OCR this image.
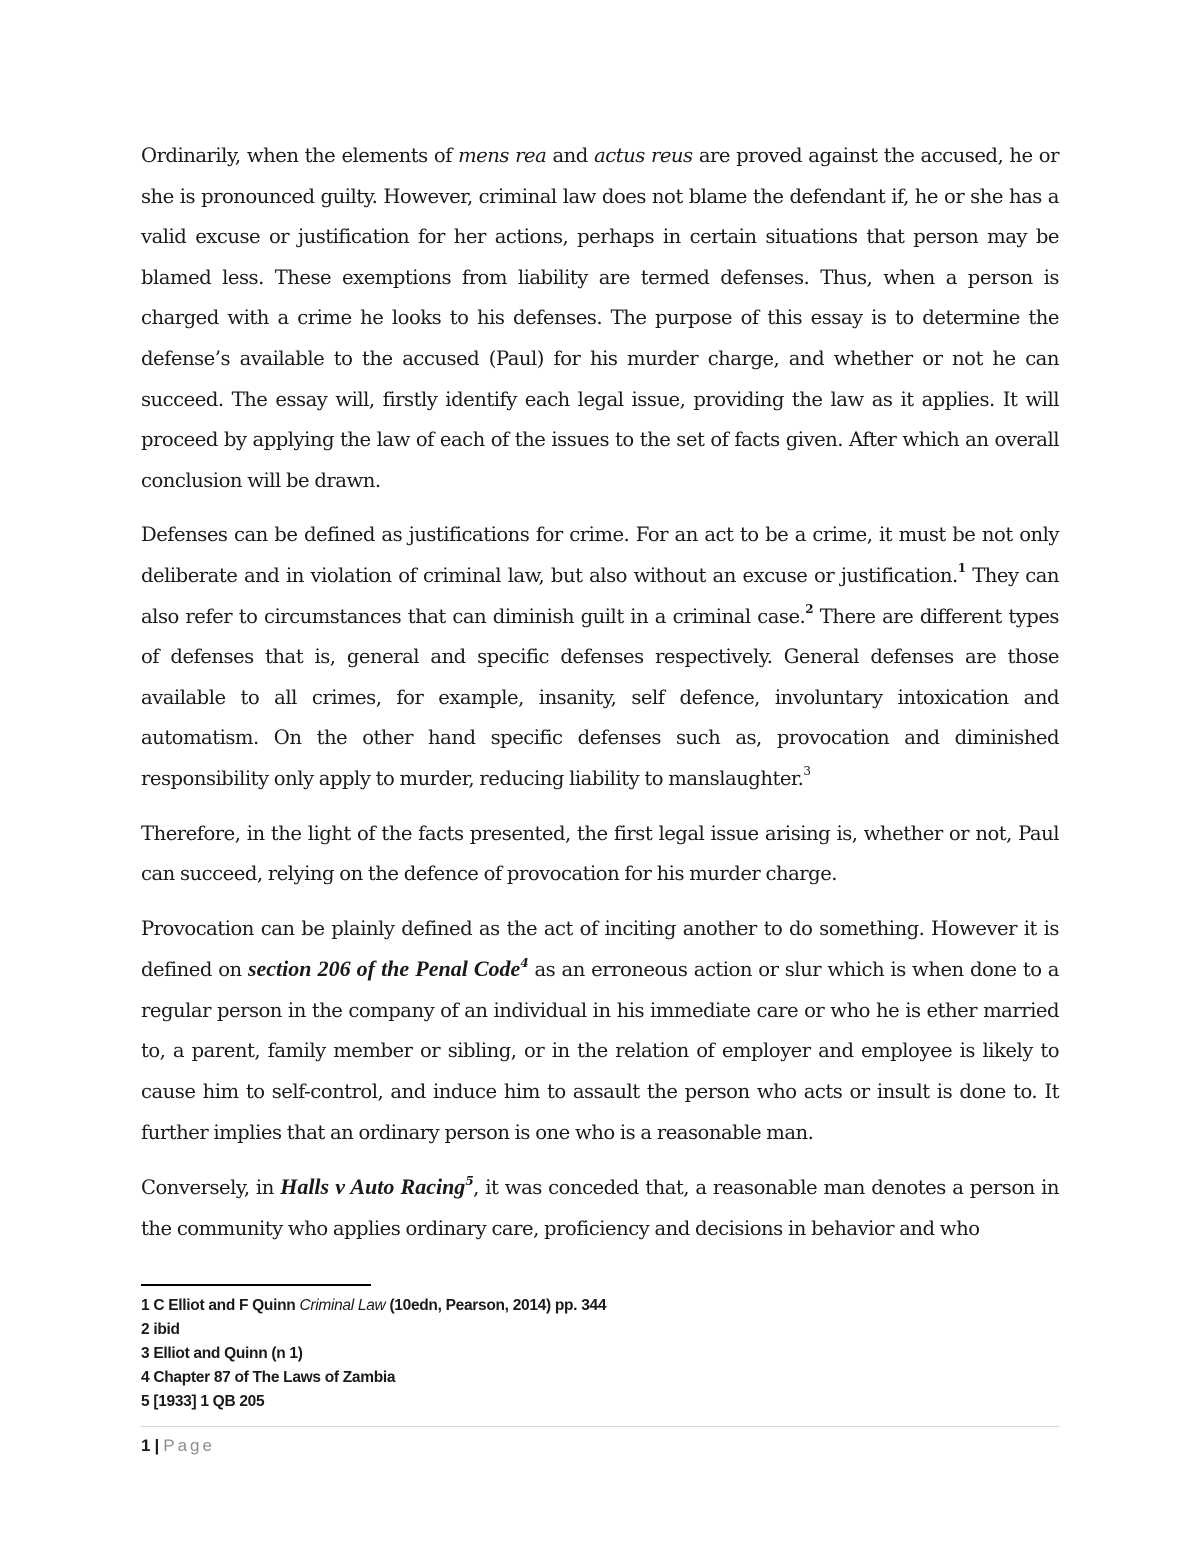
Ordinarily, when the elements of mens rea and actus reus are proved against the accused, he or she is pronounced guilty. However, criminal law does not blame the defendant if, he or she has a valid excuse or justification for her actions, perhaps in certain situations that person may be blamed less. These exemptions from liability are termed defenses. Thus, when a person is charged with a crime he looks to his defenses. The purpose of this essay is to determine the defense’s available to the accused (Paul) for his murder charge, and whether or not he can succeed. The essay will, firstly identify each legal issue, providing the law as it applies. It will proceed by applying the law of each of the issues to the set of facts given. After which an overall conclusion will be drawn.

Defenses can be defined as justifications for crime. For an act to be a crime, it must be not only deliberate and in violation of criminal law, but also without an excuse or justification.$^1$ They can also refer to circumstances that can diminish guilt in a criminal case.$^2$ There are different types of defenses that is, general and specific defenses respectively. General defenses are those available to all crimes, for example, insanity, self defence, involuntary intoxication and automatism. On the other hand specific defenses such as, provocation and diminished responsibility only apply to murder, reducing liability to manslaughter.$^3$

Therefore, in the light of the facts presented, the first legal issue arising is, whether or not, Paul can succeed, relying on the defence of provocation for his murder charge.

Provocation can be plainly defined as the act of inciting another to do something. However it is defined on section 206 of the Penal Code$^4$ as an erroneous action or slur which is when done to a regular person in the company of an individual in his immediate care or who he is ether married to, a parent, family member or sibling, or in the relation of employer and employee is likely to cause him to self-control, and induce him to assault the person who acts or insult is done to. It further implies that an ordinary person is one who is a reasonable man.

Conversely, in Halls v Auto Racing$^5$, it was conceded that, a reasonable man denotes a person in the community who applies ordinary care, proficiency and decisions in behavior and who

1 C Elliot and F Quinn Criminal Law (10edn, Pearson, 2014) pp. 344
2 ibid
3 Elliot and Quinn (n 1)
4 Chapter 87 of The Laws of Zambia
5 [1933] 1 QB 205
1 | Page
